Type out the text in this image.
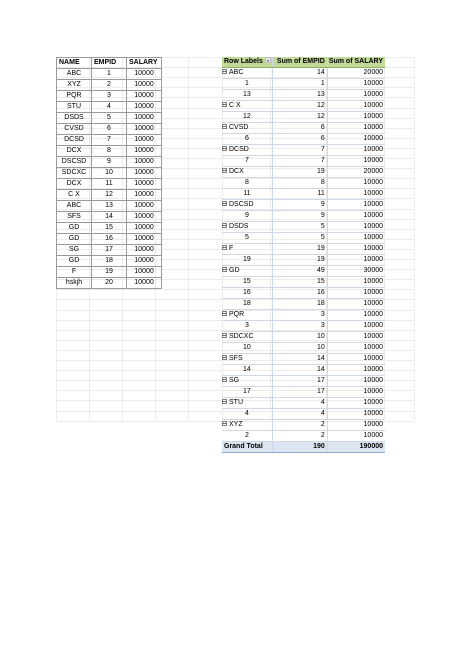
NAME	EMPID	SALARY
ABC	1	10000
XYZ	2	10000
PQR	3	10000
STU	4	10000
DSDS	5	10000
CVSD	6	10000
DCSD	7	10000
DCX	8	10000
DSCSD	9	10000
SDCXC	10	10000
DCX	11	10000
C X	12	10000
ABC	13	10000
SFS	14	10000
GD	15	10000
GD	16	10000
SG	17	10000
GD	18	10000
F	19	10000
hskjh	20	10000
Row Labels	Sum of EMPID	Sum of SALARY
ABC	14	20000
1	1	10000
13	13	10000
C X	12	10000
12	12	10000
CVSD	6	10000
6	6	10000
DCSD	7	10000
7	7	10000
DCX	19	20000
8	8	10000
11	11	10000
DSCSD	9	10000
9	9	10000
DSDS	5	10000
5	5	10000
F	19	10000
19	19	10000
GD	49	30000
15	15	10000
16	16	10000
18	18	10000
PQR	3	10000
3	3	10000
SDCXC	10	10000
10	10	10000
SFS	14	10000
14	14	10000
SG	17	10000
17	17	10000
STU	4	10000
4	4	10000
XYZ	2	10000
2	2	10000
Grand Total	190	190000
